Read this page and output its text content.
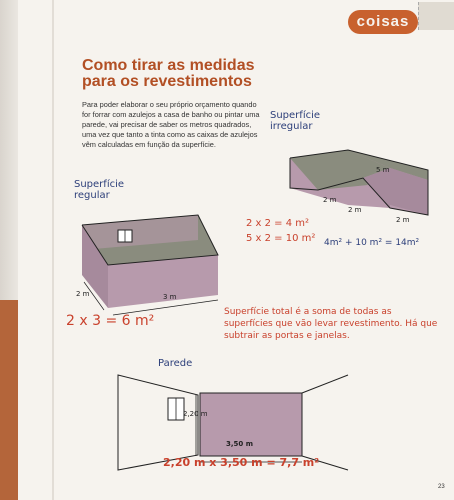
coisas
Como tirar as medidas
para os revestimentos
Para poder elaborar o seu próprio orçamento quando for forrar com azulejos a casa de banho ou pintar uma parede, vai precisar de saber os metros quadrados, uma vez que tanto a tinta como as caixas de azulejos vêm calculadas em função da superfície.
Superfície
regular
2 m	3 m
2 x 3 = 6 m²
Superfície
irregular
5 m
2 m
2 m
2 m
2 x 2 = 4 m²
5 x 2 = 10 m² 4m² + 10 m² = 14m²
Superfície total é a soma de todas as superfícies que vão levar revestimento. Há que subtrair as portas e janelas.
Parede
2,20 m
3,50 m
2,20 m x 3,50 m = 7,7 m²
23
